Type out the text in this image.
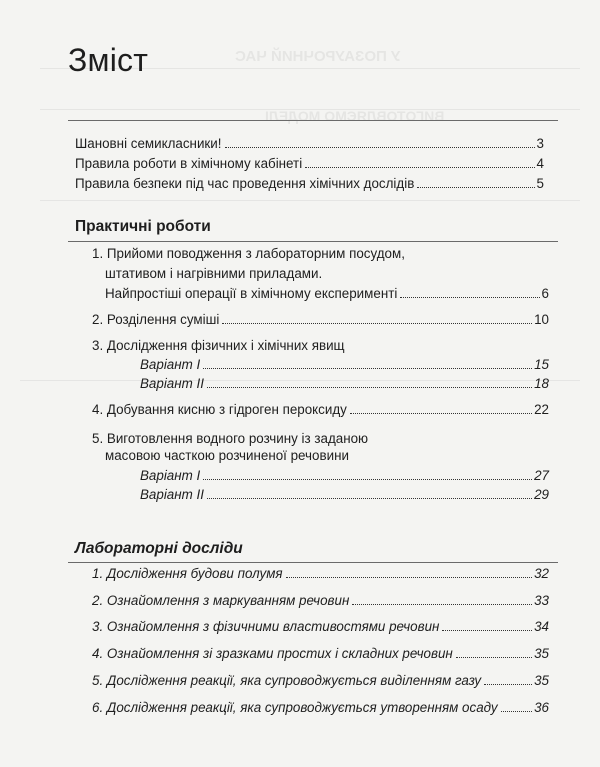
У ПОЗАУРОЧНИЙ ЧАС
ВИГОТОВЛЯЄМО МОДЕЛІ
Зміст
Шановні семикласники!	3
Правила роботи в хімічному кабінеті	4
Правила безпеки під час проведення хімічних дослідів	5
Практичні роботи
1. Прийоми поводження з лабораторним посудом,
штативом і нагрівними приладами.
Найпростіші операції в хімічному експерименті	6
2. Розділення суміші	10
3. Дослідження фізичних і хімічних явищ
Варіант I	15
Варіант II	18
4. Добування кисню з гідроген пероксиду	22
5. Виготовлення водного розчину із заданою
масовою часткою розчиненої речовини
Варіант I	27
Варіант II	29
Лабораторні досліди
1. Дослідження будови полумя	32
2. Ознайомлення з маркуванням речовин	33
3. Ознайомлення з фізичними властивостями речовин	34
4. Ознайомлення зі зразками простих і складних речовин	35
5. Дослідження реакції, яка супроводжується виділенням газу	35
6. Дослідження реакції, яка супроводжується утворенням осаду	36
